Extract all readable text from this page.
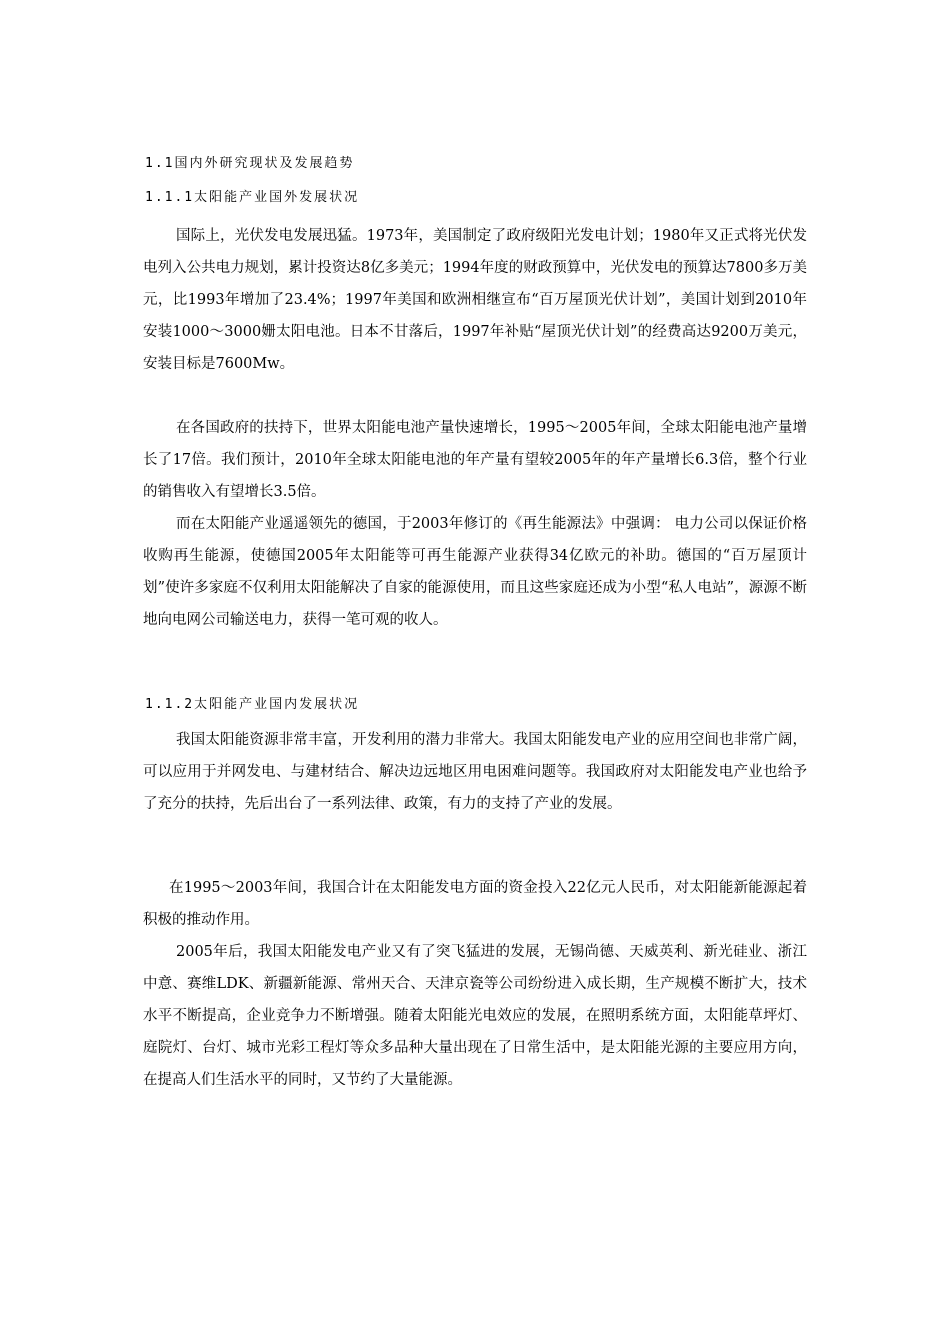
1.1国内外研究现状及发展趋势
1.1.1太阳能产业国外发展状况

国际上，光伏发电发展迅猛。1973年，美国制定了政府级阳光发电计划；1980年又正式将光伏发电列入公共电力规划，累计投资达8亿多美元；1994年度的财政预算中，光伏发电的预算达7800多万美元，比1993年增加了23.4%；1997年美国和欧洲相继宣布“百万屋顶光伏计划”，美国计划到2010年安装1000～3000姗太阳电池。日本不甘落后，1997年补贴“屋顶光伏计划”的经费高达9200万美元，安装目标是7600Mw。

在各国政府的扶持下，世界太阳能电池产量快速增长，1995～2005年间，全球太阳能电池产量增长了17倍。我们预计，2010年全球太阳能电池的年产量有望较2005年的年产量增长6.3倍，整个行业的销售收入有望增长3.5倍。

而在太阳能产业遥遥领先的德国，于2003年修订的《再生能源法》中强调： 电力公司以保证价格收购再生能源，使德国2005年太阳能等可再生能源产业获得34亿欧元的补助。德国的“百万屋顶计划”使许多家庭不仅利用太阳能解决了自家的能源使用，而且这些家庭还成为小型“私人电站”，源源不断地向电网公司输送电力，获得一笔可观的收人。

1.1.2太阳能产业国内发展状况

我国太阳能资源非常丰富，开发利用的潜力非常大。我国太阳能发电产业的应用空间也非常广阔，可以应用于并网发电、与建材结合、解决边远地区用电困难问题等。我国政府对太阳能发电产业也给予了充分的扶持，先后出台了一系列法律、政策，有力的支持了产业的发展。

在1995～2003年间，我国合计在太阳能发电方面的资金投入22亿元人民币，对太阳能新能源起着积极的推动作用。

2005年后，我国太阳能发电产业又有了突飞猛进的发展，无锡尚德、天威英利、新光硅业、浙江中意、赛维LDK、新疆新能源、常州天合、天津京瓷等公司纷纷进入成长期，生产规模不断扩大，技术水平不断提高，企业竞争力不断增强。随着太阳能光电效应的发展，在照明系统方面，太阳能草坪灯、庭院灯、台灯、城市光彩工程灯等众多品种大量出现在了日常生活中，是太阳能光源的主要应用方向，在提高人们生活水平的同时，又节约了大量能源。
